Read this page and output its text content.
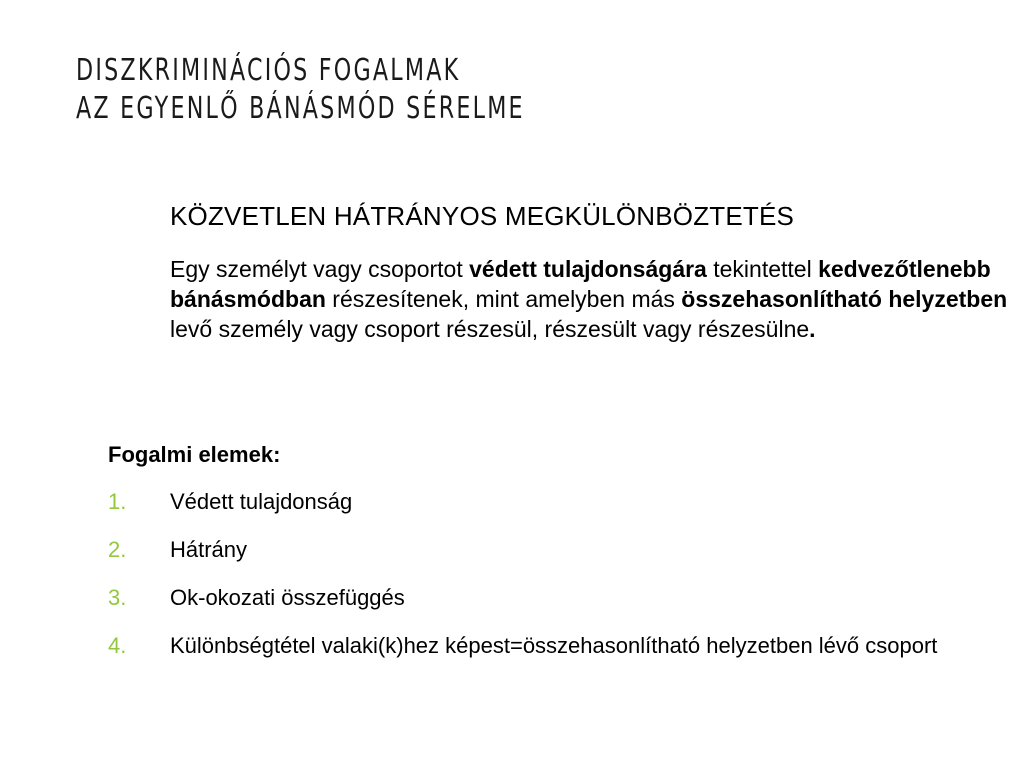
DISZKRIMINÁCIÓS FOGALMAK
AZ EGYENLŐ BÁNÁSMÓD SÉRELME
KÖZVETLEN HÁTRÁNYOS MEGKÜLÖNBÖZTETÉS

Egy személyt vagy csoportot védett tulajdonságára tekintettel kedvezőtlenebb bánásmódban részesítenek, mint amelyben más összehasonlítható helyzetben levő személy vagy csoport részesül, részesült vagy részesülne.

Fogalmi elemek:

1. Védett tulajdonság
2. Hátrány
3. Ok-okozati összefüggés
4. Különbségtétel valaki(k)hez képest=összehasonlítható helyzetben lévő csoport
